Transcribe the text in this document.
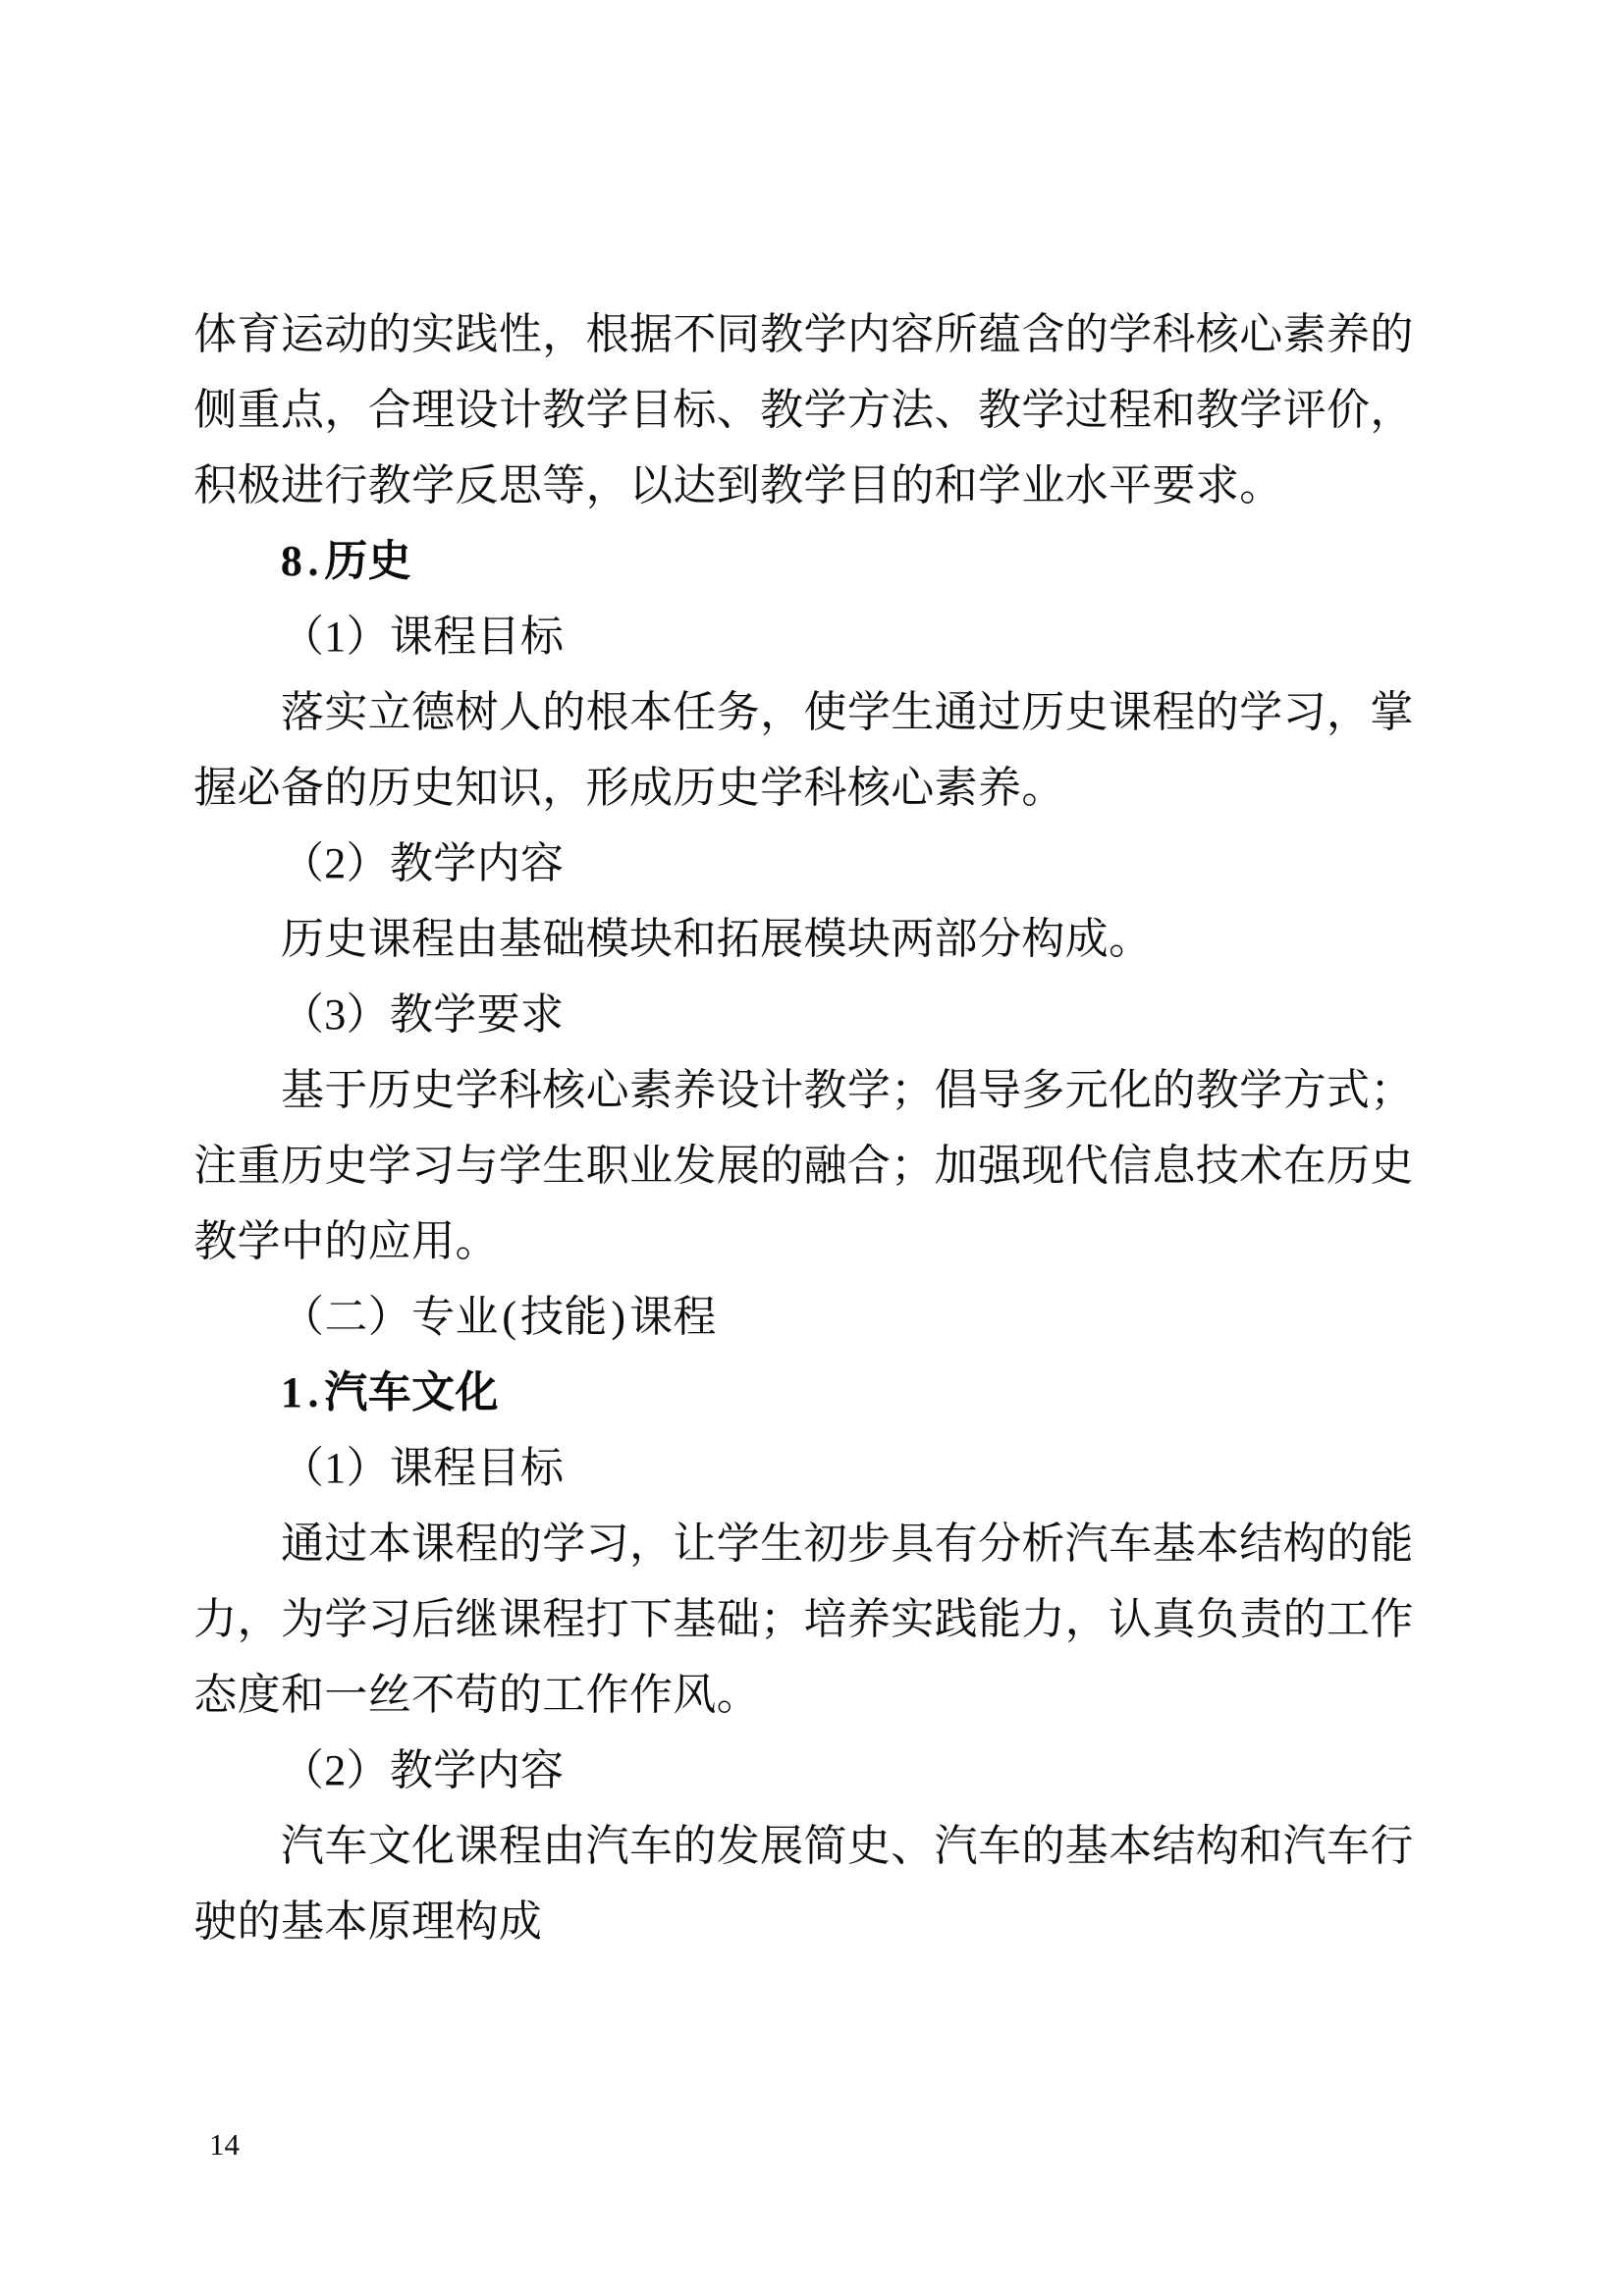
体育运动的实践性，根据不同教学内容所蕴含的学科核心素养的
侧重点，合理设计教学目标、教学方法、教学过程和教学评价，
积极进行教学反思等，以达到教学目的和学业水平要求。
8 . 历史
（1）课程目标
落实立德树人的根本任务，使学生通过历史课程的学习，掌
握必备的历史知识，形成历史学科核心素养。
（2）教学内容
历史课程由基础模块和拓展模块两部分构成。
（3）教学要求
基于历史学科核心素养设计教学；倡导多元化的教学方式；
注重历史学习与学生职业发展的融合；加强现代信息技术在历史
教学中的应用。
（二）专业(技能)课程
1 . 汽车文化
（1）课程目标
通过本课程的学习，让学生初步具有分析汽车基本结构的能
力，为学习后继课程打下基础；培养实践能力，认真负责的工作
态度和一丝不苟的工作作风。
（2）教学内容
汽车文化课程由汽车的发展简史、汽车的基本结构和汽车行
驶的基本原理构成
14
